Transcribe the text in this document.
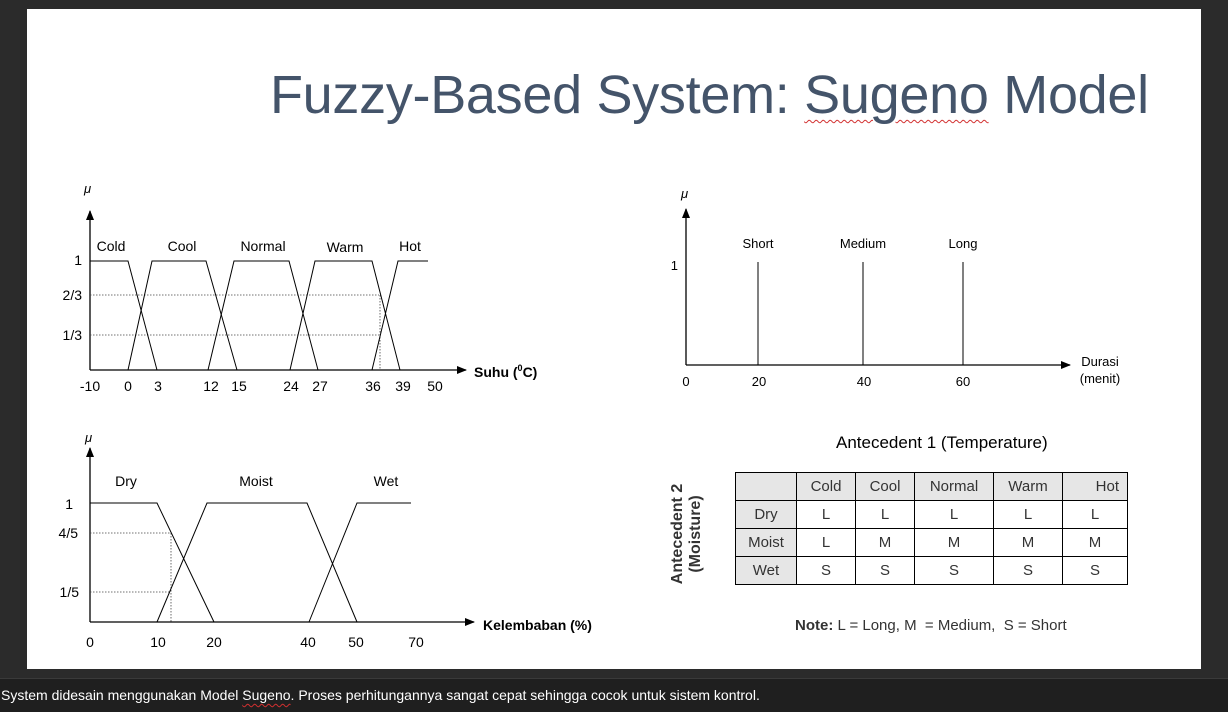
Fuzzy-Based System: Sugeno Model
μ
1
2/3
1/3
Cold	Cool	Normal	Warm	Hot
-10 0 3	12 15	24 27	36 39 50
Suhu ($^0$C)
μ
1
4/5
1/5
Dry	Moist	Wet
0	10	20	40 50	70
Kelembaban (%)
μ
1
Short	Medium	Long
0	20	40	60
Durasi
(menit)
Antecedent 1 (Temperature)
Antecedent 2
(Moisture)
	Cold	Cool	Normal	Warm	Hot
Dry	L	L	L	L	L
Moist	L	M	M	M	M
Wet	S	S	S	S	S
Note: L = Long, M  = Medium,  S = Short
System didesain menggunakan Model Sugeno. Proses perhitungannya sangat cepat sehingga cocok untuk sistem kontrol.
